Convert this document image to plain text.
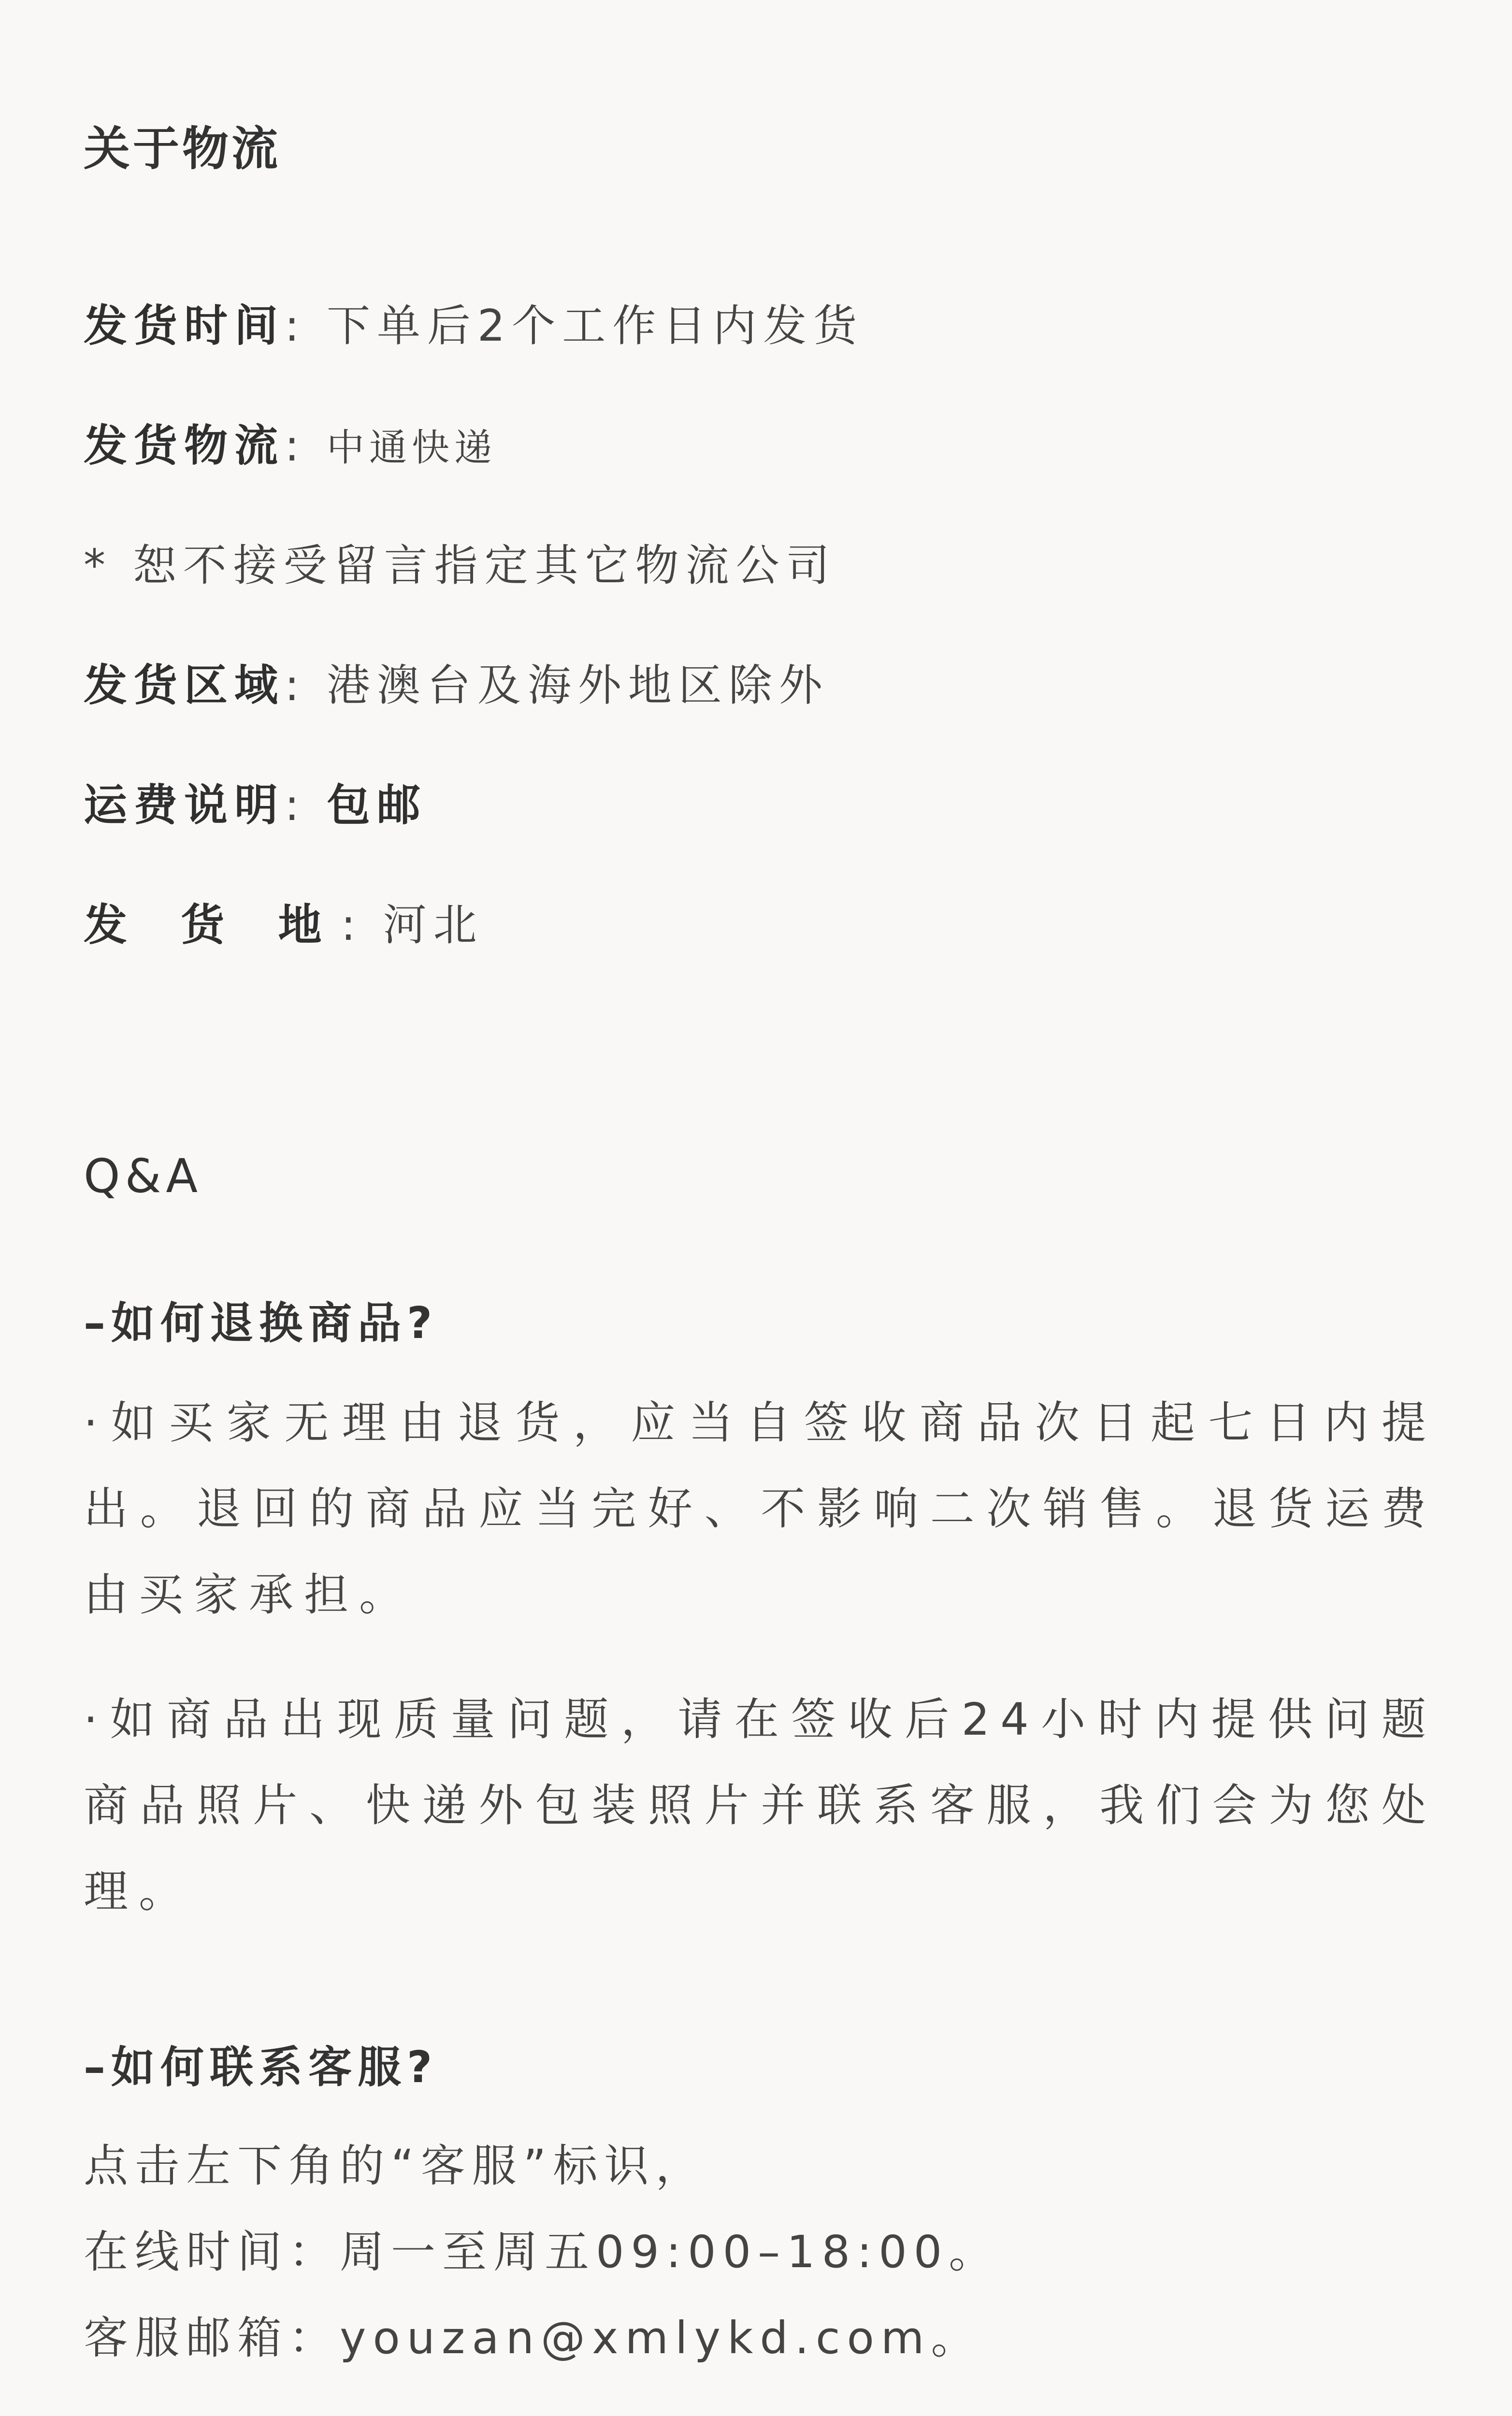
关于物流
发货时间: 下单后2个工作日内发货
发货物流: 中通快递
* 恕不接受留言指定其它物流公司
发货区域: 港澳台及海外地区除外
运费说明: 包邮
发 货 地: 河北
Q&A
–如何退换商品?
·如买家无理由退货，应当自签收商品次日起七日内提
出。退回的商品应当完好、不影响二次销售。退货运费
由买家承担。
·如商品出现质量问题，请在签收后24小时内提供问题
商品照片、快递外包装照片并联系客服，我们会为您处
理。
–如何联系客服?
点击左下角的“客服”标识，
在线时间：周一至周五09:00–18:00。
客服邮箱：youzan@xmlykd.com。
